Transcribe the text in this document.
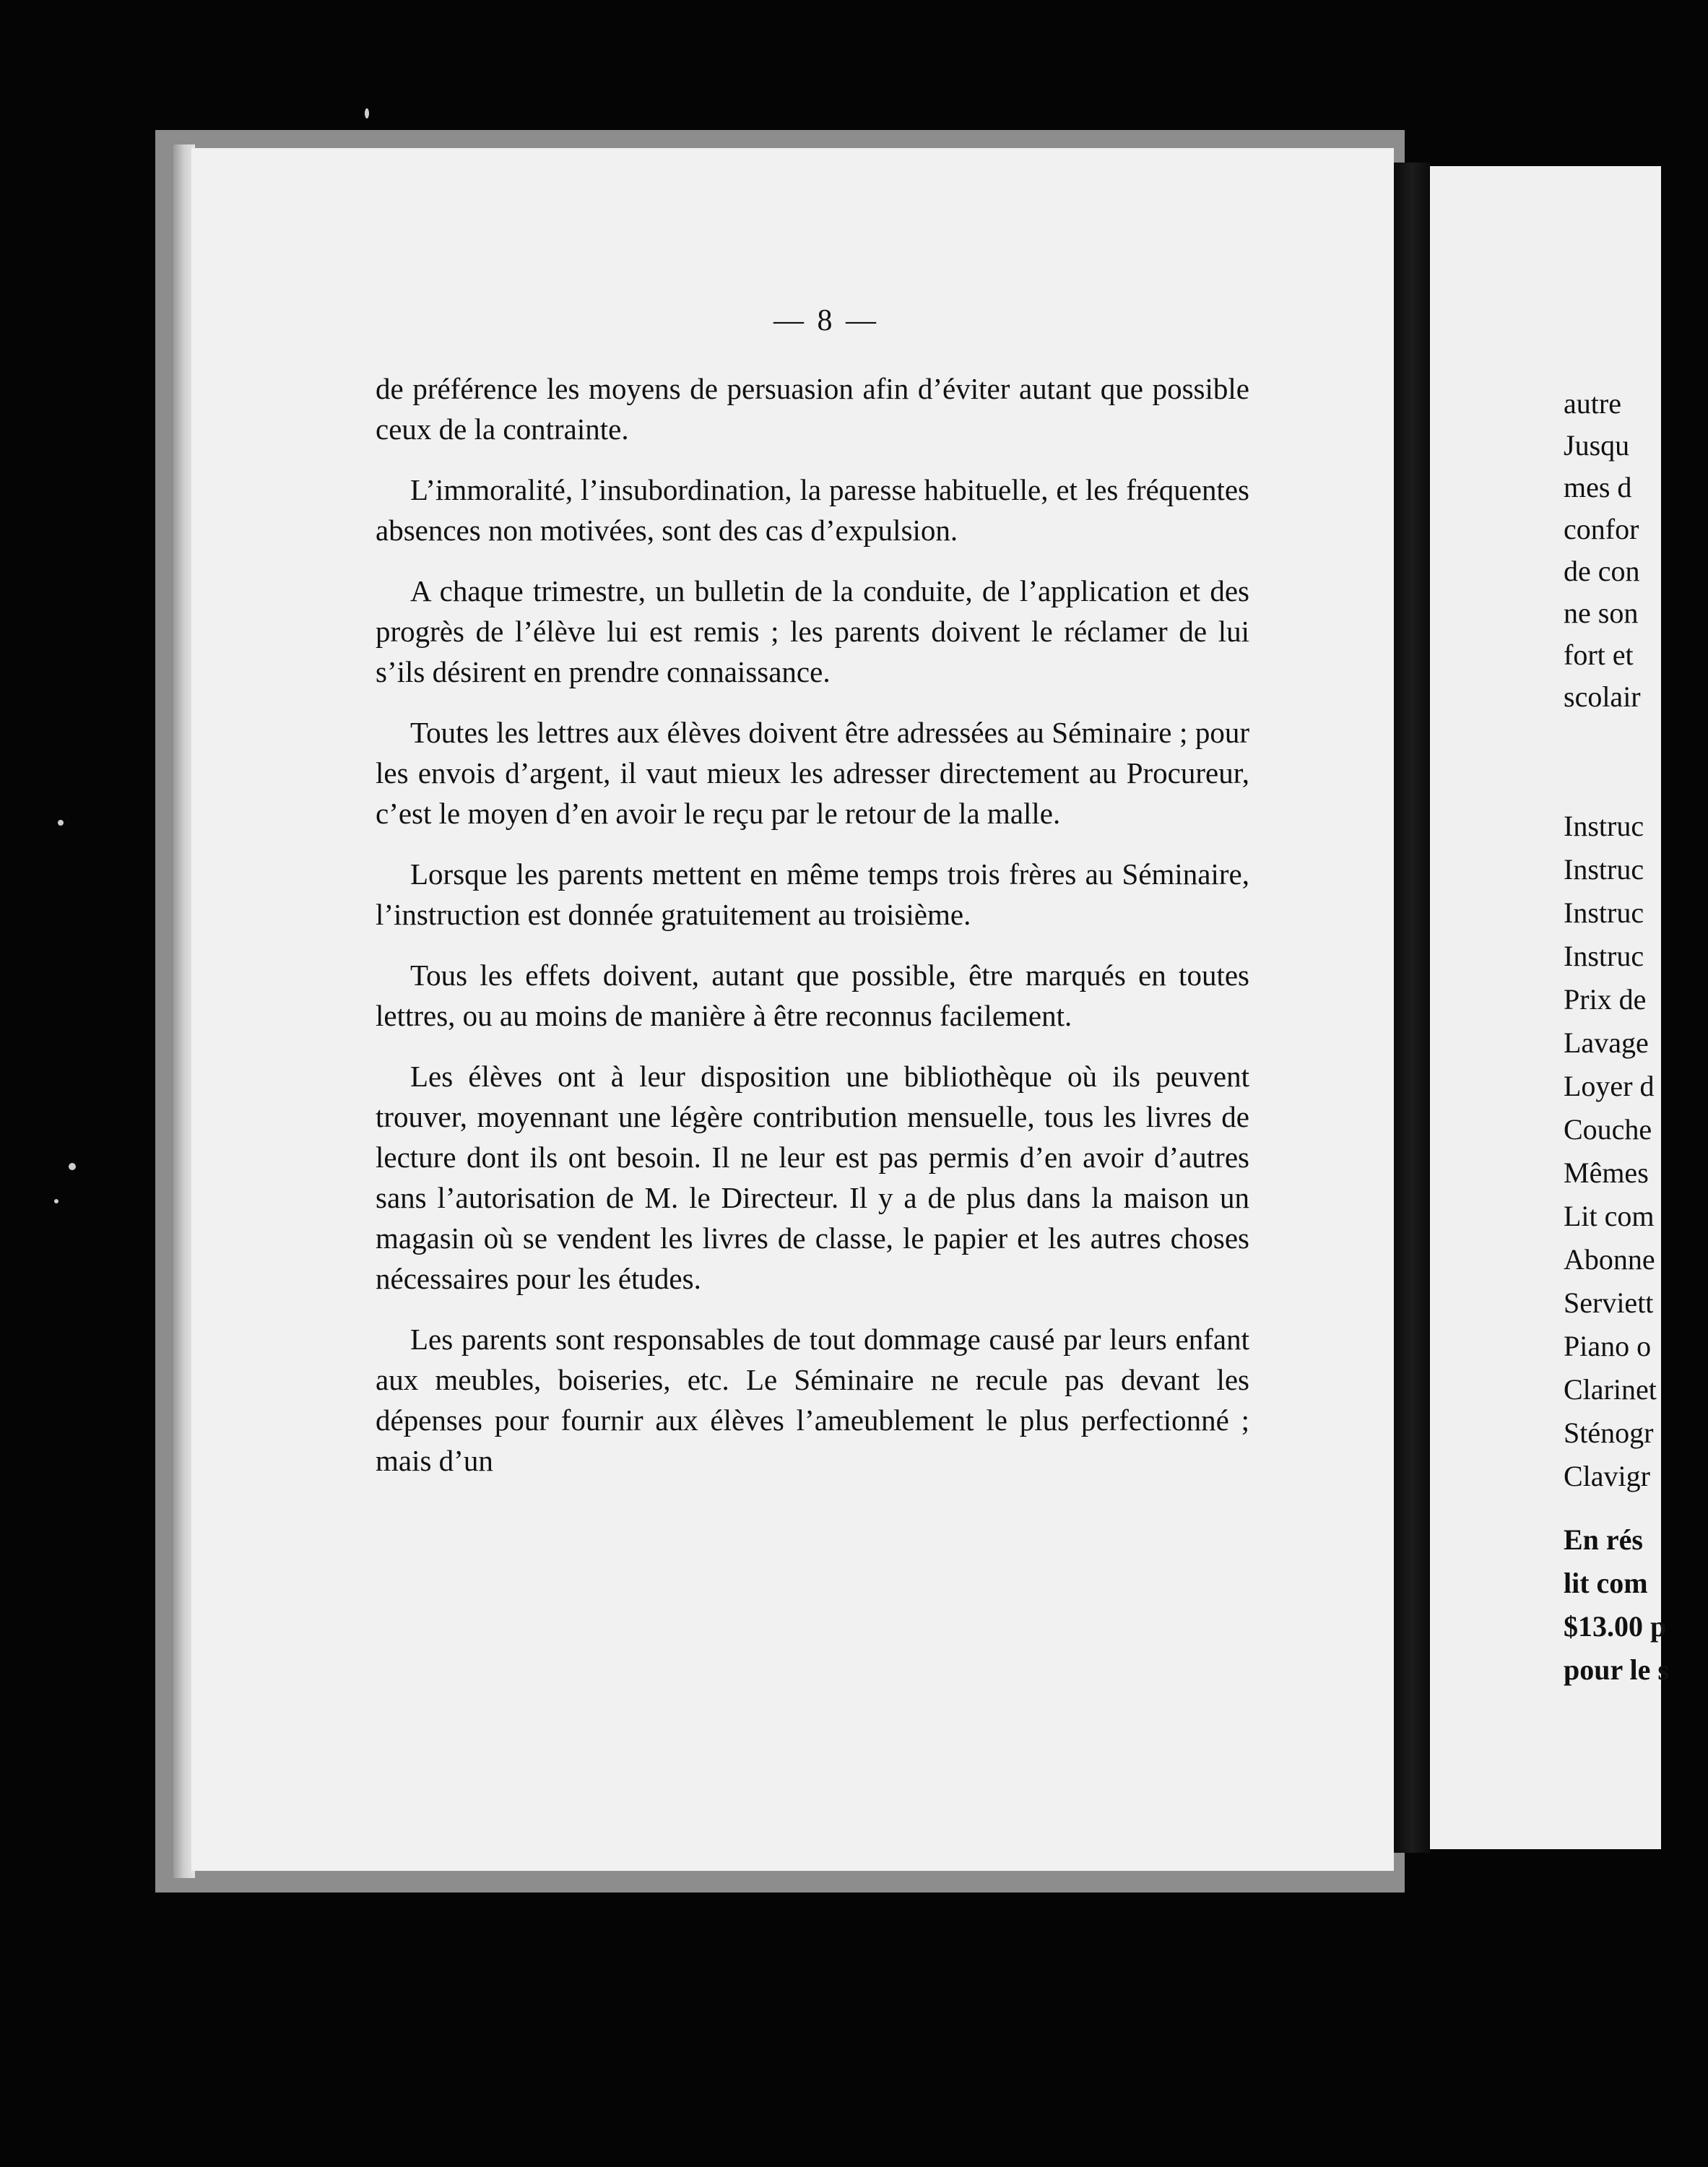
— 8 —

de préférence les moyens de persuasion afin d’éviter autant que possible ceux de la contrainte.

L’immoralité, l’insubordination, la paresse habituelle, et les fréquentes absences non motivées, sont des cas d’expulsion.

A chaque trimestre, un bulletin de la conduite, de l’application et des progrès de l’élève lui est remis ; les parents doivent le réclamer de lui s’ils désirent en prendre connaissance.

Toutes les lettres aux élèves doivent être adressées au Séminaire ; pour les envois d’argent, il vaut mieux les adresser directement au Procureur, c’est le moyen d’en avoir le reçu par le retour de la malle.

Lorsque les parents mettent en même temps trois frères au Séminaire, l’instruction est donnée gratuitement au troisième.

Tous les effets doivent, autant que possible, être marqués en toutes lettres, ou au moins de manière à être reconnus facilement.

Les élèves ont à leur disposition une bibliothèque où ils peuvent trouver, moyennant une légère contribution mensuelle, tous les livres de lecture dont ils ont besoin. Il ne leur est pas permis d’en avoir d’autres sans l’autorisation de M. le Directeur. Il y a de plus dans la maison un magasin où se vendent les livres de classe, le papier et les autres choses nécessaires pour les études.

Les parents sont responsables de tout dommage causé par leurs enfant aux meubles, boiseries, etc. Le Séminaire ne recule pas devant les dépenses pour fournir aux élèves l’ameublement le plus perfectionné ; mais d’un

autre
Jusqu
mes d
confor
de con
ne son
fort et
scolair
Instruc
Instruc
Instruc
Instruc
Prix de
Lavage
Loyer d
Couche
Mêmes
Lit com
Abonne
Serviett
Piano o
Clarinet
Sténogr
Clavigr
En rés
lit com
$13.00 p
pour le s
